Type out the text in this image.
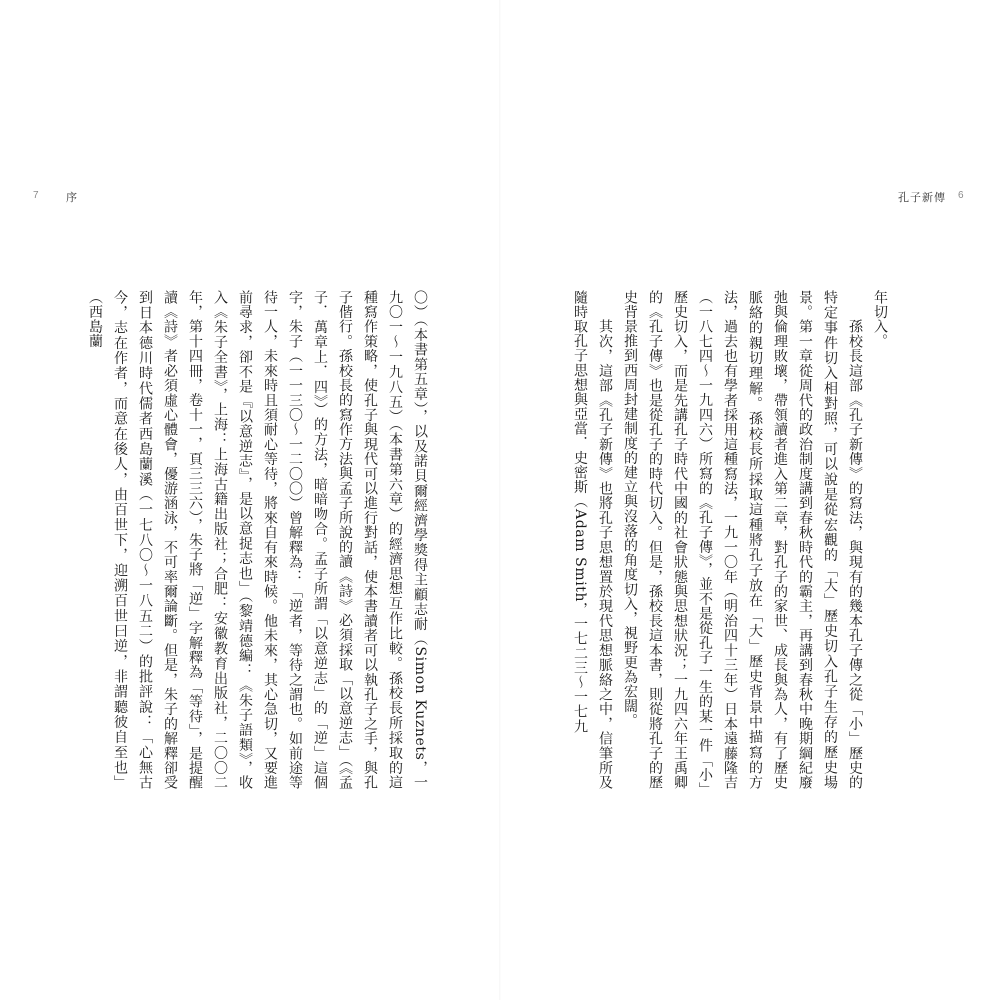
7 序
〇）（本書第五章），以及諾貝爾經濟學獎得主顧志耐（Simon Kuznets，一九〇一～一九八五）（本書第六章）的經濟思想互作比較。孫校長所採取的這種寫作策略，使孔子與現代可以進行對話，使本書讀者可以執孔子之手，與孔子偕行。孫校長的寫作方法與孟子所說的讀《詩》必須採取「以意逆志」（《孟子．萬章上．四》）的方法，暗暗吻合。孟子所謂「以意逆志」的「逆」這個字，朱子（一一三〇～一二〇〇）曾解釋為：「逆者，等待之謂也。如前途等待一人，未來時且須耐心等待，將來自有來時候。他未來，其心急切，又要進前尋求，卻不是『以意逆志』，是以意捉志也」（黎靖德編：《朱子語類》，收入《朱子全書》，上海：上海古籍出版社；合肥：安徽教育出版社，二〇〇二年，第十四冊，卷十一，頁三三六），朱子將「逆」字解釋為「等待」，是提醒讀《詩》者必須虛心體會，優游涵泳，不可率爾論斷。但是，朱子的解釋卻受到日本德川時代儒者西島蘭溪（一七八〇～一八五二）的批評說：「心無古今，志在作者，而意在後人，由百世下，迎溯百世曰逆，非謂聽彼自至也」（西島蘭
孔子新傳 6
年切入。
　　孫校長這部《孔子新傳》的寫法，與現有的幾本孔子傳之從「小」歷史的特定事件切入相對照，可以說是從宏觀的「大」歷史切入孔子生存的歷史場景。第一章從周代的政治制度講到春秋時代的霸主，再講到春秋中晚期綱紀廢弛與倫理敗壞，帶領讀者進入第二章，對孔子的家世、成長與為人，有了歷史脈絡的親切理解。孫校長所採取這種將孔子放在「大」歷史背景中描寫的方法，過去也有學者採用這種寫法，一九一〇年（明治四十三年）日本遠藤隆吉（一八七四～一九四六）所寫的《孔子傳》，並不是從孔子一生的某一件「小」歷史切入，而是先講孔子時代中國的社會狀態與思想狀況；一九四六年王禹卿的《孔子傳》也是從孔子的時代切入。但是，孫校長這本書，則從將孔子的歷史背景推到西周封建制度的建立與沒落的角度切入，視野更為宏闊。
　　其次，這部《孔子新傳》也將孔子思想置於現代思想脈絡之中，信筆所及隨時取孔子思想與亞當．史密斯（Adam Smith，一七二三～一七九
